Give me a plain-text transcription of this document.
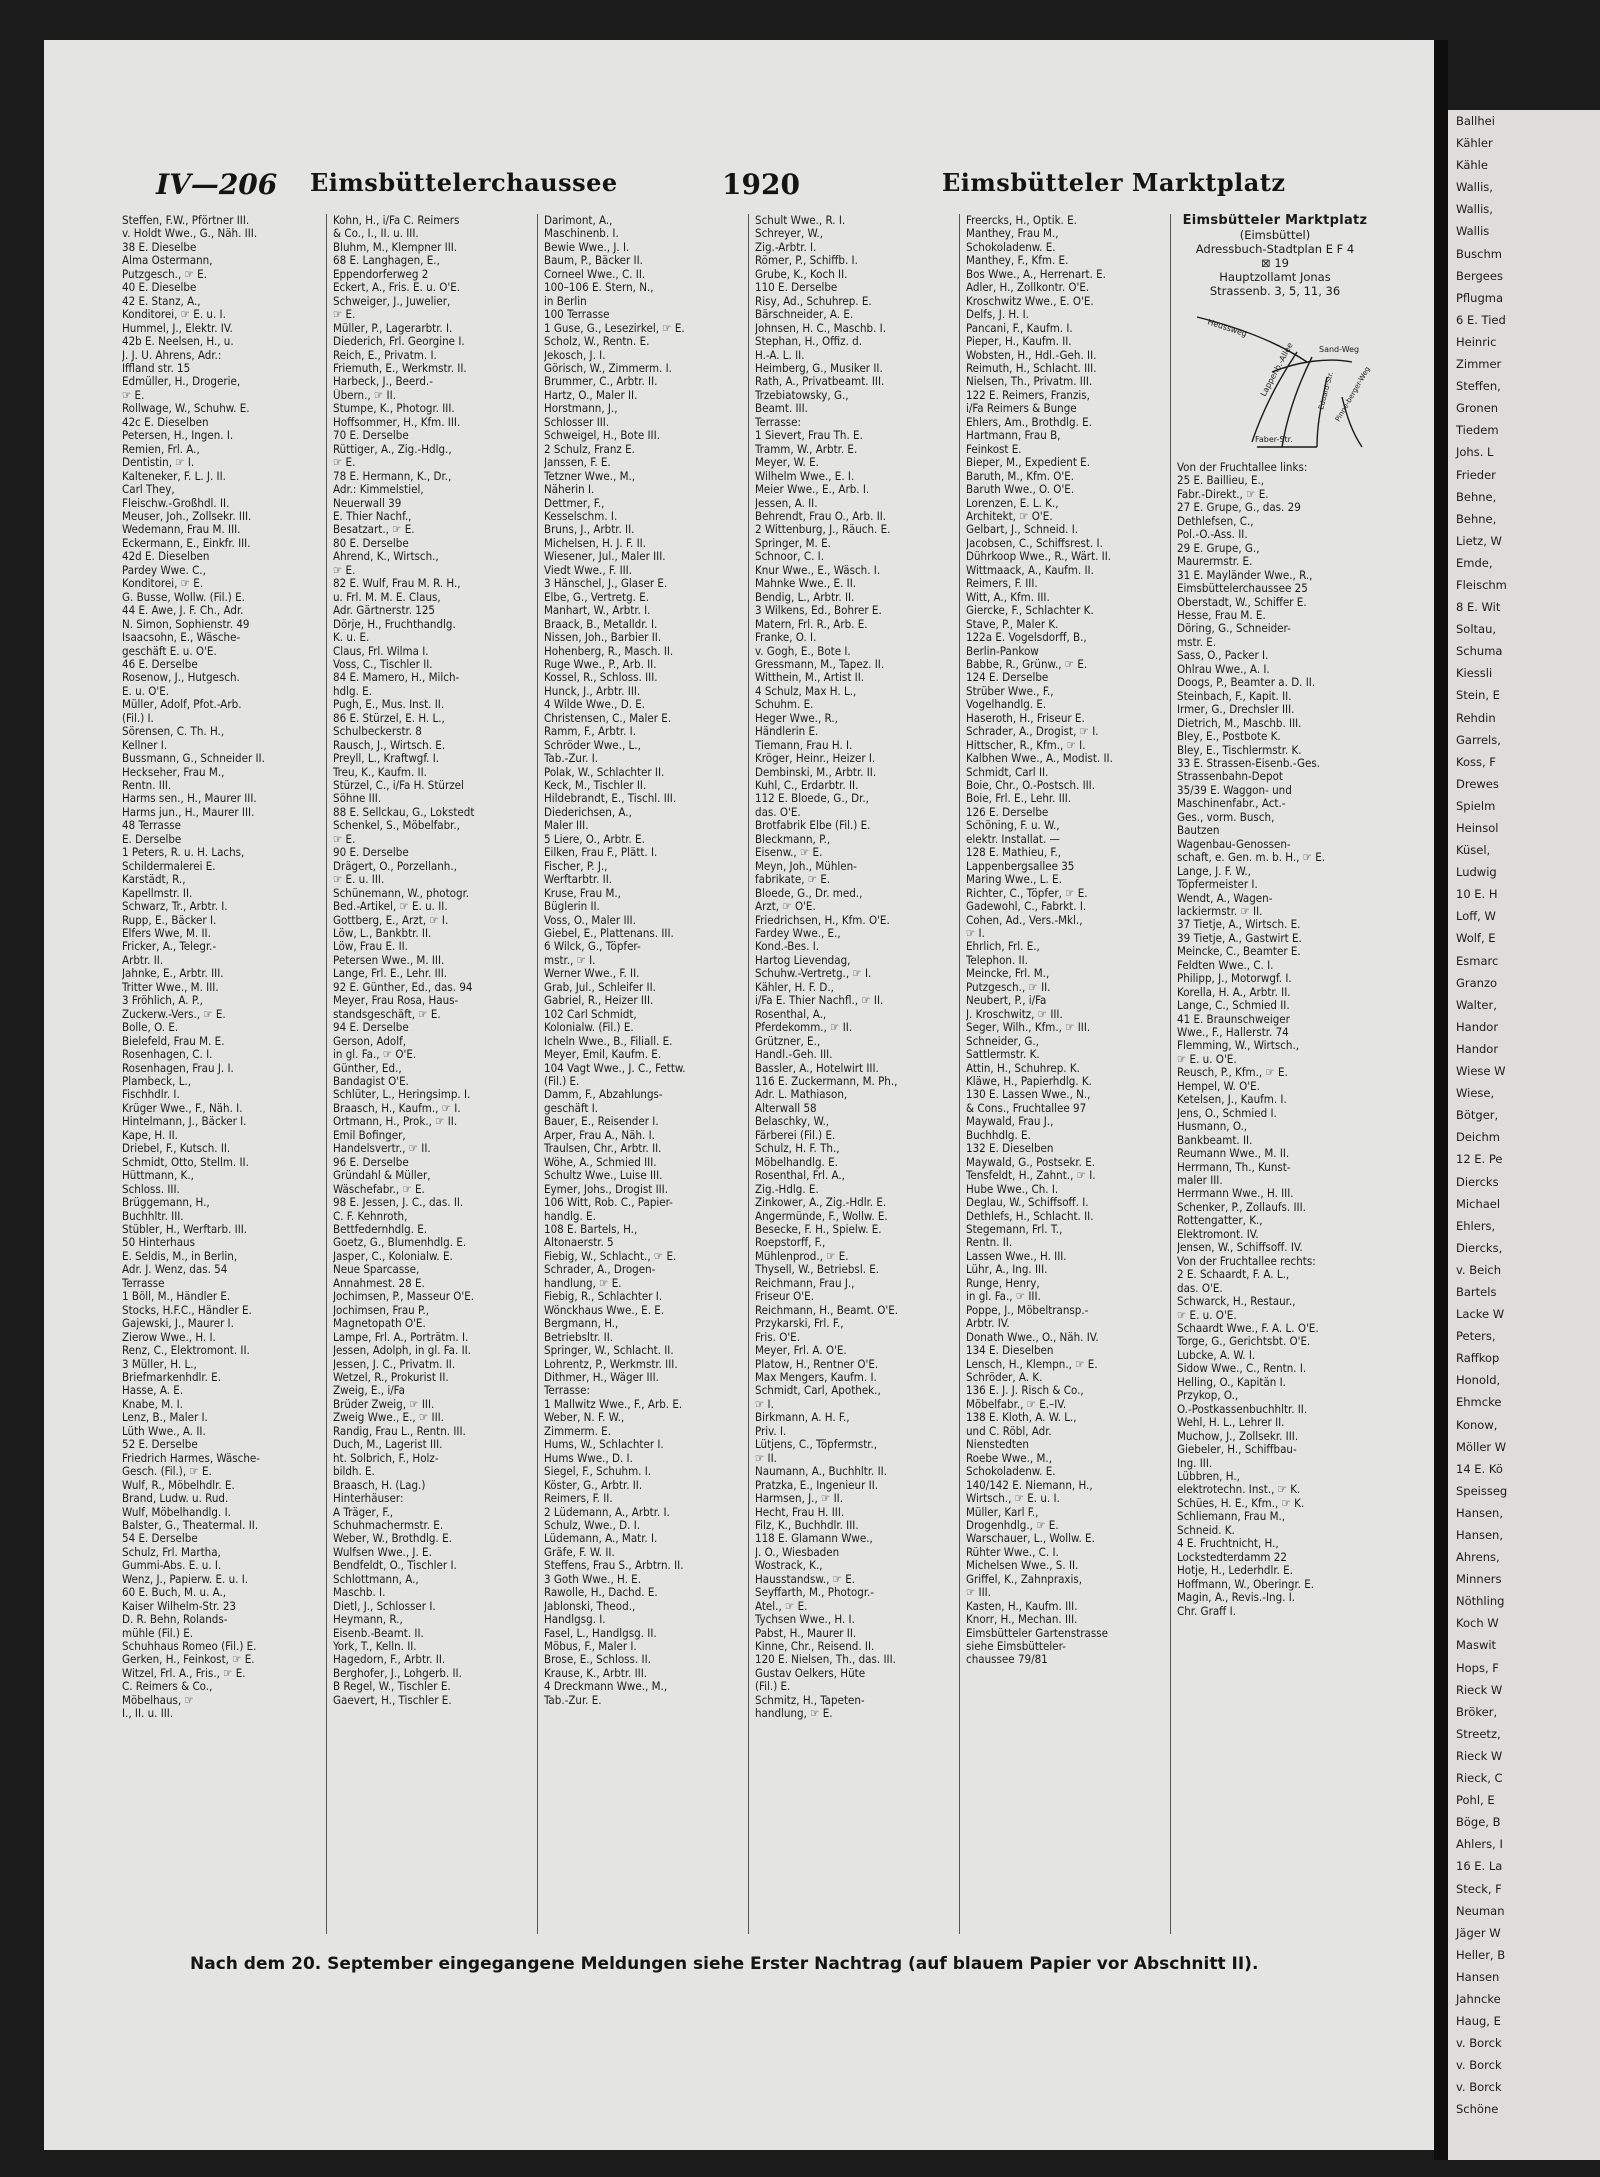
Ballhei
Kähler
Kähle
Wallis,
Wallis,
Wallis
Buschm
Bergees
Pflugma
6 E. Tied
Heinric
Zimmer
Steffen,
Gronen
Tiedem
Johs. L
Frieder
Behne,
Behne,
Lietz, W
Emde,
Fleischm
8 E. Wit
Soltau,
Schuma
Kiessli
Stein, E
Rehdin
Garrels,
Koss, F
Drewes
Spielm
Heinsol
Küsel,
Ludwig
10 E. H
Loff, W
Wolf, E
Esmarc
Granzo
Walter,
Handor
Handor
Wiese W
Wiese,
Bötger,
Deichm
12 E. Pe
Diercks
Michael
Ehlers,
Diercks,
v. Beich
Bartels
Lacke W
Peters,
Raffkop
Honold,
Ehmcke
Konow,
Möller W
14 E. Kö
Speisseg
Hansen,
Hansen,
Ahrens,
Minners
Nöthling
Koch W
Maswit
Hops, F
Rieck W
Bröker,
Streetz,
Rieck W
Rieck, C
Pohl, E
Böge, B
Ahlers, I
16 E. La
Steck, F
Neuman
Jäger W
Heller, B
Hansen
Jahncke
Haug, E
v. Borck
v. Borck
v. Borck
Schöne
IV—206 Eimsbüttelerchaussee	1920	Eimsbütteler Marktplatz
Steffen, F.W., Pförtner III.
v. Holdt Wwe., G., Näh. III.
38 E. Dieselbe
Alma Ostermann,
Putzgesch., ☞ E.
40 E. Dieselbe
42 E. Stanz, A.,
Konditorei, ☞ E. u. I.
Hummel, J., Elektr. IV.
42b E. Neelsen, H., u.
J. J. U. Ahrens, Adr.:
Iffland str. 15
Edmüller, H., Drogerie,
☞ E.
Rollwage, W., Schuhw. E.
42c E. Dieselben
Petersen, H., Ingen. I.
Remien, Frl. A.,
Dentistin, ☞ I.
Kalteneker, F. L. J. II.
Carl They,
Fleischw.-Großhdl. II.
Meuser, Joh., Zollsekr. III.
Wedemann, Frau M. III.
Eckermann, E., Einkfr. III.
42d E. Dieselben
Pardey Wwe. C.,
Konditorei, ☞ E.
G. Busse, Wollw. (Fil.) E.
44 E. Awe, J. F. Ch., Adr.
N. Simon, Sophienstr. 49
Isaacsohn, E., Wäsche-
geschäft E. u. O'E.
46 E. Derselbe
Rosenow, J., Hutgesch.
E. u. O'E.
Müller, Adolf, Pfot.-Arb.
(Fil.) I.
Sörensen, C. Th. H.,
Kellner I.
Bussmann, G., Schneider II.
Heckseher, Frau M.,
Rentn. III.
Harms sen., H., Maurer III.
Harms jun., H., Maurer III.
48 Terrasse
E. Derselbe
1 Peters, R. u. H. Lachs,
Schildermalerei E.
Karstädt, R.,
Kapellmstr. II.
Schwarz, Tr., Arbtr. I.
Rupp, E., Bäcker I.
Elfers Wwe, M. II.
Fricker, A., Telegr.-
Arbtr. II.
Jahnke, E., Arbtr. III.
Tritter Wwe., M. III.
3 Fröhlich, A. P.,
Zuckerw.-Vers., ☞ E.
Bolle, O. E.
Bielefeld, Frau M. E.
Rosenhagen, C. I.
Rosenhagen, Frau J. I.
Plambeck, L.,
Fischhdlr. I.
Krüger Wwe., F., Näh. I.
Hintelmann, J., Bäcker I.
Kape, H. II.
Driebel, F., Kutsch. II.
Schmidt, Otto, Stellm. II.
Hüttmann, K.,
Schloss. III.
Brüggemann, H.,
Buchhltr. III.
Stübler, H., Werftarb. III.
50 Hinterhaus
E. Seldis, M., in Berlin,
Adr. J. Wenz, das. 54
Terrasse
1 Böll, M., Händler E.
Stocks, H.F.C., Händler E.
Gajewski, J., Maurer I.
Zierow Wwe., H. I.
Renz, C., Elektromont. II.
3 Müller, H. L.,
Briefmarkenhdlr. E.
Hasse, A. E.
Knabe, M. I.
Lenz, B., Maler I.
Lüth Wwe., A. II.
52 E. Derselbe
Friedrich Harmes, Wäsche-
Gesch. (Fil.), ☞ E.
Wulf, R., Möbelhdlr. E.
Brand, Ludw. u. Rud.
Wulf, Möbelhandlg. I.
Balster, G., Theatermal. II.
54 E. Derselbe
Schulz, Frl. Martha,
Gummi-Abs. E. u. I.
Wenz, J., Papierw. E. u. I.
60 E. Buch, M. u. A.,
Kaiser Wilhelm-Str. 23
D. R. Behn, Rolands-
mühle (Fil.) E.
Schuhhaus Romeo (Fil.) E.
Gerken, H., Feinkost, ☞ E.
Witzel, Frl. A., Fris., ☞ E.
C. Reimers & Co.,
Möbelhaus, ☞
I., II. u. III.
Kohn, H., i/Fa C. Reimers
& Co., I., II. u. III.
Bluhm, M., Klempner III.
68 E. Langhagen, E.,
Eppendorferweg 2
Eckert, A., Fris. E. u. O'E.
Schweiger, J., Juwelier,
☞ E.
Müller, P., Lagerarbtr. I.
Diederich, Frl. Georgine I.
Reich, E., Privatm. I.
Friemuth, E., Werkmstr. II.
Harbeck, J., Beerd.-
Übern., ☞ II.
Stumpe, K., Photogr. III.
Hoffsommer, H., Kfm. III.
70 E. Derselbe
Rüttiger, A., Zig.-Hdlg.,
☞ E.
78 E. Hermann, K., Dr.,
Adr.: Kimmelstiel,
Neuerwall 39
E. Thier Nachf.,
Besatzart., ☞ E.
80 E. Derselbe
Ahrend, K., Wirtsch.,
☞ E.
82 E. Wulf, Frau M. R. H.,
u. Frl. M. M. E. Claus,
Adr. Gärtnerstr. 125
Dörje, H., Fruchthandlg.
K. u. E.
Claus, Frl. Wilma I.
Voss, C., Tischler II.
84 E. Mamero, H., Milch-
hdlg. E.
Pugh, E., Mus. Inst. II.
86 E. Stürzel, E. H. L.,
Schulbeckerstr. 8
Rausch, J., Wirtsch. E.
Preyll, L., Kraftwgf. I.
Treu, K., Kaufm. II.
Stürzel, C., i/Fa H. Stürzel
Söhne III.
88 E. Sellckau, G., Lokstedt
Schenkel, S., Möbelfabr.,
☞ E.
90 E. Derselbe
Drägert, O., Porzellanh.,
☞ E. u. III.
Schünemann, W., photogr.
Bed.-Artikel, ☞ E. u. II.
Gottberg, E., Arzt, ☞ I.
Löw, L., Bankbtr. II.
Löw, Frau E. II.
Petersen Wwe., M. III.
Lange, Frl. E., Lehr. III.
92 E. Günther, Ed., das. 94
Meyer, Frau Rosa, Haus-
standsgeschäft, ☞ E.
94 E. Derselbe
Gerson, Adolf,
in gl. Fa., ☞ O'E.
Günther, Ed.,
Bandagist O'E.
Schlüter, L., Heringsimp. I.
Braasch, H., Kaufm., ☞ I.
Ortmann, H., Prok., ☞ II.
Emil Bofinger,
Handelsvertr., ☞ II.
96 E. Derselbe
Gründahl & Müller,
Wäschefabr., ☞ E.
98 E. Jessen, J. C., das. II.
C. F. Kehnroth,
Bettfedernhdlg. E.
Goetz, G., Blumenhdlg. E.
Jasper, C., Kolonialw. E.
Neue Sparcasse,
Annahmest. 28 E.
Jochimsen, P., Masseur O'E.
Jochimsen, Frau P.,
Magnetopath O'E.
Lampe, Frl. A., Porträtm. I.
Jessen, Adolph, in gl. Fa. II.
Jessen, J. C., Privatm. II.
Wetzel, R., Prokurist II.
Zweig, E., i/Fa
Brüder Zweig, ☞ III.
Zweig Wwe., E., ☞ III.
Randig, Frau L., Rentn. III.
Duch, M., Lagerist III.
ht. Solbrich, F., Holz-
bildh. E.
Braasch, H. (Lag.)
Hinterhäuser:
A Träger, F.,
Schuhmachermstr. E.
Weber, W., Brothdlg. E.
Wulfsen Wwe., J. E.
Bendfeldt, O., Tischler I.
Schlottmann, A.,
Maschb. I.
Dietl, J., Schlosser I.
Heymann, R.,
Eisenb.-Beamt. II.
York, T., Kelln. II.
Hagedorn, F., Arbtr. II.
Berghofer, J., Lohgerb. II.
B Regel, W., Tischler E.
Gaevert, H., Tischler E.
Darimont, A.,
Maschinenb. I.
Bewie Wwe., J. I.
Baum, P., Bäcker II.
Corneel Wwe., C. II.
100–106 E. Stern, N.,
in Berlin
100 Terrasse
1 Guse, G., Lesezirkel, ☞ E.
Scholz, W., Rentn. E.
Jekosch, J. I.
Görisch, W., Zimmerm. I.
Brummer, C., Arbtr. II.
Hartz, O., Maler II.
Horstmann, J.,
Schlosser III.
Schweigel, H., Bote III.
2 Schulz, Franz E.
Janssen, F. E.
Tetzner Wwe., M.,
Näherin I.
Dettmer, F.,
Kesselschm. I.
Bruns, J., Arbtr. II.
Michelsen, H. J. F. II.
Wiesener, Jul., Maler III.
Viedt Wwe., F. III.
3 Hänschel, J., Glaser E.
Elbe, G., Vertretg. E.
Manhart, W., Arbtr. I.
Braack, B., Metalldr. I.
Nissen, Joh., Barbier II.
Hohenberg, R., Masch. II.
Ruge Wwe., P., Arb. II.
Kossel, R., Schloss. III.
Hunck, J., Arbtr. III.
4 Wilde Wwe., D. E.
Christensen, C., Maler E.
Ramm, F., Arbtr. I.
Schröder Wwe., L.,
Tab.-Zur. I.
Polak, W., Schlachter II.
Keck, M., Tischler II.
Hildebrandt, E., Tischl. III.
Diederichsen, A.,
Maler III.
5 Liere, O., Arbtr. E.
Eilken, Frau F., Plätt. I.
Fischer, P. J.,
Werftarbtr. II.
Kruse, Frau M.,
Büglerin II.
Voss, O., Maler III.
Giebel, E., Plattenans. III.
6 Wilck, G., Töpfer-
mstr., ☞ I.
Werner Wwe., F. II.
Grab, Jul., Schleifer II.
Gabriel, R., Heizer III.
102 Carl Schmidt,
Kolonialw. (Fil.) E.
Icheln Wwe., B., Filiall. E.
Meyer, Emil, Kaufm. E.
104 Vagt Wwe., J. C., Fettw.
(Fil.) E.
Damm, F., Abzahlungs-
geschäft I.
Bauer, E., Reisender I.
Arper, Frau A., Näh. I.
Traulsen, Chr., Arbtr. II.
Wöhe, A., Schmied III.
Schultz Wwe., Luise III.
Eymer, Johs., Drogist III.
106 Witt, Rob. C., Papier-
handlg. E.
108 E. Bartels, H.,
Altonaerstr. 5
Fiebig, W., Schlacht., ☞ E.
Schrader, A., Drogen-
handlung, ☞ E.
Fiebig, R., Schlachter I.
Wönckhaus Wwe., E. E.
Bergmann, H.,
Betriebsltr. II.
Springer, W., Schlacht. II.
Lohrentz, P., Werkmstr. III.
Dithmer, H., Wäger III.
Terrasse:
1 Mallwitz Wwe., F., Arb. E.
Weber, N. F. W.,
Zimmerm. E.
Hums, W., Schlachter I.
Hums Wwe., D. I.
Siegel, F., Schuhm. I.
Köster, G., Arbtr. II.
Reimers, F. II.
2 Lüdemann, A., Arbtr. I.
Schulz, Wwe., D. I.
Lüdemann, A., Matr. I.
Gräfe, F. W. II.
Steffens, Frau S., Arbtrn. II.
3 Goth Wwe., H. E.
Rawolle, H., Dachd. E.
Jablonski, Theod.,
Handlgsg. I.
Fasel, L., Handlgsg. II.
Möbus, F., Maler I.
Brose, E., Schloss. II.
Krause, K., Arbtr. III.
4 Dreckmann Wwe., M.,
Tab.-Zur. E.
Schult Wwe., R. I.
Schreyer, W.,
Zig.-Arbtr. I.
Römer, P., Schiffb. I.
Grube, K., Koch II.
110 E. Derselbe
Risy, Ad., Schuhrep. E.
Bärschneider, A. E.
Johnsen, H. C., Maschb. I.
Stephan, H., Offiz. d.
H.-A. L. II.
Heimberg, G., Musiker II.
Rath, A., Privatbeamt. III.
Trzebiatowsky, G.,
Beamt. III.
Terrasse:
1 Sievert, Frau Th. E.
Tramm, W., Arbtr. E.
Meyer, W. E.
Wilhelm Wwe., E. I.
Meier Wwe., E., Arb. I.
Jessen, A. II.
Behrendt, Frau O., Arb. II.
2 Wittenburg, J., Räuch. E.
Springer, M. E.
Schnoor, C. I.
Knur Wwe., E., Wäsch. I.
Mahnke Wwe., E. II.
Bendig, L., Arbtr. II.
3 Wilkens, Ed., Bohrer E.
Matern, Frl. R., Arb. E.
Franke, O. I.
v. Gogh, E., Bote I.
Gressmann, M., Tapez. II.
Witthein, M., Artist II.
4 Schulz, Max H. L.,
Schuhm. E.
Heger Wwe., R.,
Händlerin E.
Tiemann, Frau H. I.
Kröger, Heinr., Heizer I.
Dembinski, M., Arbtr. II.
Kuhl, C., Erdarbtr. II.
112 E. Bloede, G., Dr.,
das. O'E.
Brotfabrik Elbe (Fil.) E.
Bleckmann, P.,
Eisenw., ☞ E.
Meyn, Joh., Mühlen-
fabrikate, ☞ E.
Bloede, G., Dr. med.,
Arzt, ☞ O'E.
Friedrichsen, H., Kfm. O'E.
Fardey Wwe., E.,
Kond.-Bes. I.
Hartog Lievendag,
Schuhw.-Vertretg., ☞ I.
Kähler, H. F. D.,
i/Fa E. Thier Nachfl., ☞ II.
Rosenthal, A.,
Pferdekomm., ☞ II.
Grützner, E.,
Handl.-Geh. III.
Bassler, A., Hotelwirt III.
116 E. Zuckermann, M. Ph.,
Adr. L. Mathiason,
Alterwall 58
Belaschky, W.,
Färberei (Fil.) E.
Schulz, H. F. Th.,
Möbelhandlg. E.
Rosenthal, Frl. A.,
Zig.-Hdlg. E.
Zinkower, A., Zig.-Hdlr. E.
Angermünde, F., Wollw. E.
Besecke, F. H., Spielw. E.
Roepstorff, F.,
Mühlenprod., ☞ E.
Thysell, W., Betriebsl. E.
Reichmann, Frau J.,
Friseur O'E.
Reichmann, H., Beamt. O'E.
Przykarski, Frl. F.,
Fris. O'E.
Meyer, Frl. A. O'E.
Platow, H., Rentner O'E.
Max Mengers, Kaufm. I.
Schmidt, Carl, Apothek.,
☞ I.
Birkmann, A. H. F.,
Priv. I.
Lütjens, C., Töpfermstr.,
☞ II.
Naumann, A., Buchhltr. II.
Pratzka, E., Ingenieur II.
Harmsen, J., ☞ II.
Hecht, Frau H. III.
Filz, K., Buchhdlr. III.
118 E. Glamann Wwe.,
J. O., Wiesbaden
Wostrack, K.,
Hausstandsw., ☞ E.
Seyffarth, M., Photogr.-
Atel., ☞ E.
Tychsen Wwe., H. I.
Pabst, H., Maurer II.
Kinne, Chr., Reisend. II.
120 E. Nielsen, Th., das. III.
Gustav Oelkers, Hüte
(Fil.) E.
Schmitz, H., Tapeten-
handlung, ☞ E.
Freercks, H., Optik. E.
Manthey, Frau M.,
Schokoladenw. E.
Manthey, F., Kfm. E.
Bos Wwe., A., Herrenart. E.
Adler, H., Zollkontr. O'E.
Kroschwitz Wwe., E. O'E.
Delfs, J. H. I.
Pancani, F., Kaufm. I.
Pieper, H., Kaufm. II.
Wobsten, H., Hdl.-Geh. II.
Reimuth, H., Schlacht. III.
Nielsen, Th., Privatm. III.
122 E. Reimers, Franzis,
i/Fa Reimers & Bunge
Ehlers, Am., Brothdlg. E.
Hartmann, Frau B,
Feinkost E.
Bieper, M., Expedient E.
Baruth, M., Kfm. O'E.
Baruth Wwe., O. O'E.
Lorenzen, E. L. K.,
Architekt, ☞ O'E.
Gelbart, J., Schneid. I.
Jacobsen, C., Schiffsrest. I.
Dührkoop Wwe., R., Wärt. II.
Wittmaack, A., Kaufm. II.
Reimers, F. III.
Witt, A., Kfm. III.
Giercke, F., Schlachter K.
Stave, P., Maler K.
122a E. Vogelsdorff, B.,
Berlin-Pankow
Babbe, R., Grünw., ☞ E.
124 E. Derselbe
Strüber Wwe., F.,
Vogelhandlg. E.
Haseroth, H., Friseur E.
Schrader, A., Drogist, ☞ I.
Hittscher, R., Kfm., ☞ I.
Kalbhen Wwe., A., Modist. II.
Schmidt, Carl II.
Boie, Chr., O.-Postsch. III.
Boie, Frl. E., Lehr. III.
126 E. Derselbe
Schöning, F. u. W.,
elektr. Installat. —
128 E. Mathieu, F.,
Lappenbergsallee 35
Maring Wwe., L. E.
Richter, C., Töpfer, ☞ E.
Gadewohl, C., Fabrkt. I.
Cohen, Ad., Vers.-Mkl.,
☞ I.
Ehrlich, Frl. E.,
Telephon. II.
Meincke, Frl. M.,
Putzgesch., ☞ II.
Neubert, P., i/Fa
J. Kroschwitz, ☞ III.
Seger, Wilh., Kfm., ☞ III.
Schneider, G.,
Sattlermstr. K.
Attin, H., Schuhrep. K.
Kläwe, H., Papierhdlg. K.
130 E. Lassen Wwe., N.,
& Cons., Fruchtallee 97
Maywald, Frau J.,
Buchhdlg. E.
132 E. Dieselben
Maywald, G., Postsekr. E.
Tensfeldt, H., Zahnt., ☞ I.
Hube Wwe., Ch. I.
Deglau, W., Schiffsoff. I.
Dethlefs, H., Schlacht. II.
Stegemann, Frl. T.,
Rentn. II.
Lassen Wwe., H. III.
Lühr, A., Ing. III.
Runge, Henry,
in gl. Fa., ☞ III.
Poppe, J., Möbeltransp.-
Arbtr. IV.
Donath Wwe., O., Näh. IV.
134 E. Dieselben
Lensch, H., Klempn., ☞ E.
Schröder, A. K.
136 E. J. J. Risch & Co.,
Möbelfabr., ☞ E.–IV.
138 E. Kloth, A. W. L.,
und C. Röbl, Adr.
Nienstedten
Roebe Wwe., M.,
Schokoladenw. E.
140/142 E. Niemann, H.,
Wirtsch., ☞ E. u. I.
Müller, Karl F.,
Drogenhdlg., ☞ E.
Warschauer, L., Wollw. E.
Rühter Wwe., C. I.
Michelsen Wwe., S. II.
Griffel, K., Zahnpraxis,
☞ III.
Kasten, H., Kaufm. III.
Knorr, H., Mechan. III.
Eimsbütteler Gartenstrasse
siehe Eimsbütteler-
chaussee 79/81
Eimsbütteler Marktplatz
(Eimsbüttel)
Adressbuch-Stadtplan E F 4
⊠ 19
Hauptzollamt Jonas
Strassenb. 3, 5, 11, 36
Heussweg
Sand-Weg
Lappenb.-Allee	Eduard-Str.
Pinne-berger-Weg
Faber-Str.
Von der Fruchtallee links:
25 E. Baillieu, E.,
Fabr.-Direkt., ☞ E.
27 E. Grupe, G., das. 29
Dethlefsen, C.,
Pol.-O.-Ass. II.
29 E. Grupe, G.,
Maurermstr. E.
31 E. Mayländer Wwe., R.,
Eimsbüttelerchaussee 25
Oberstadt, W., Schiffer E.
Hesse, Frau M. E.
Döring, G., Schneider-
mstr. E.
Sass, O., Packer I.
Ohlrau Wwe., A. I.
Doogs, P., Beamter a. D. II.
Steinbach, F., Kapit. II.
Irmer, G., Drechsler III.
Dietrich, M., Maschb. III.
Bley, E., Postbote K.
Bley, E., Tischlermstr. K.
33 E. Strassen-Eisenb.-Ges.
Strassenbahn-Depot
35/39 E. Waggon- und
Maschinenfabr., Act.-
Ges., vorm. Busch,
Bautzen
Wagenbau-Genossen-
schaft, e. Gen. m. b. H., ☞ E.
Lange, J. F. W.,
Töpfermeister I.
Wendt, A., Wagen-
lackiermstr. ☞ II.
37 Tietje, A., Wirtsch. E.
39 Tietje, A., Gastwirt E.
Meincke, C., Beamter E.
Feldten Wwe., C. I.
Philipp, J., Motorwgf. I.
Korella, H. A., Arbtr. II.
Lange, C., Schmied II.
41 E. Braunschweiger
Wwe., F., Hallerstr. 74
Flemming, W., Wirtsch.,
☞ E. u. O'E.
Reusch, P., Kfm., ☞ E.
Hempel, W. O'E.
Ketelsen, J., Kaufm. I.
Jens, O., Schmied I.
Husmann, O.,
Bankbeamt. II.
Reumann Wwe., M. II.
Herrmann, Th., Kunst-
maler III.
Herrmann Wwe., H. III.
Schenker, P., Zollaufs. III.
Rottengatter, K.,
Elektromont. IV.
Jensen, W., Schiffsoff. IV.
Von der Fruchtallee rechts:
2 E. Schaardt, F. A. L.,
das. O'E.
Schwarck, H., Restaur.,
☞ E. u. O'E.
Schaardt Wwe., F. A. L. O'E.
Torge, G., Gerichtsbt. O'E.
Lubcke, A. W. I.
Sidow Wwe., C., Rentn. I.
Helling, O., Kapitän I.
Przykop, O.,
O.-Postkassenbuchhltr. II.
Wehl, H. L., Lehrer II.
Muchow, J., Zollsekr. III.
Giebeler, H., Schiffbau-
Ing. III.
Lübbren, H.,
elektrotechn. Inst., ☞ K.
Schües, H. E., Kfm., ☞ K.
Schliemann, Frau M.,
Schneid. K.
4 E. Fruchtnicht, H.,
Lockstedterdamm 22
Hotje, H., Lederhdlr. E.
Hoffmann, W., Oberingr. E.
Magin, A., Revis.-Ing. I.
Chr. Graff I.
Nach dem 20. September eingegangene Meldungen siehe Erster Nachtrag (auf blauem Papier vor Abschnitt II).
